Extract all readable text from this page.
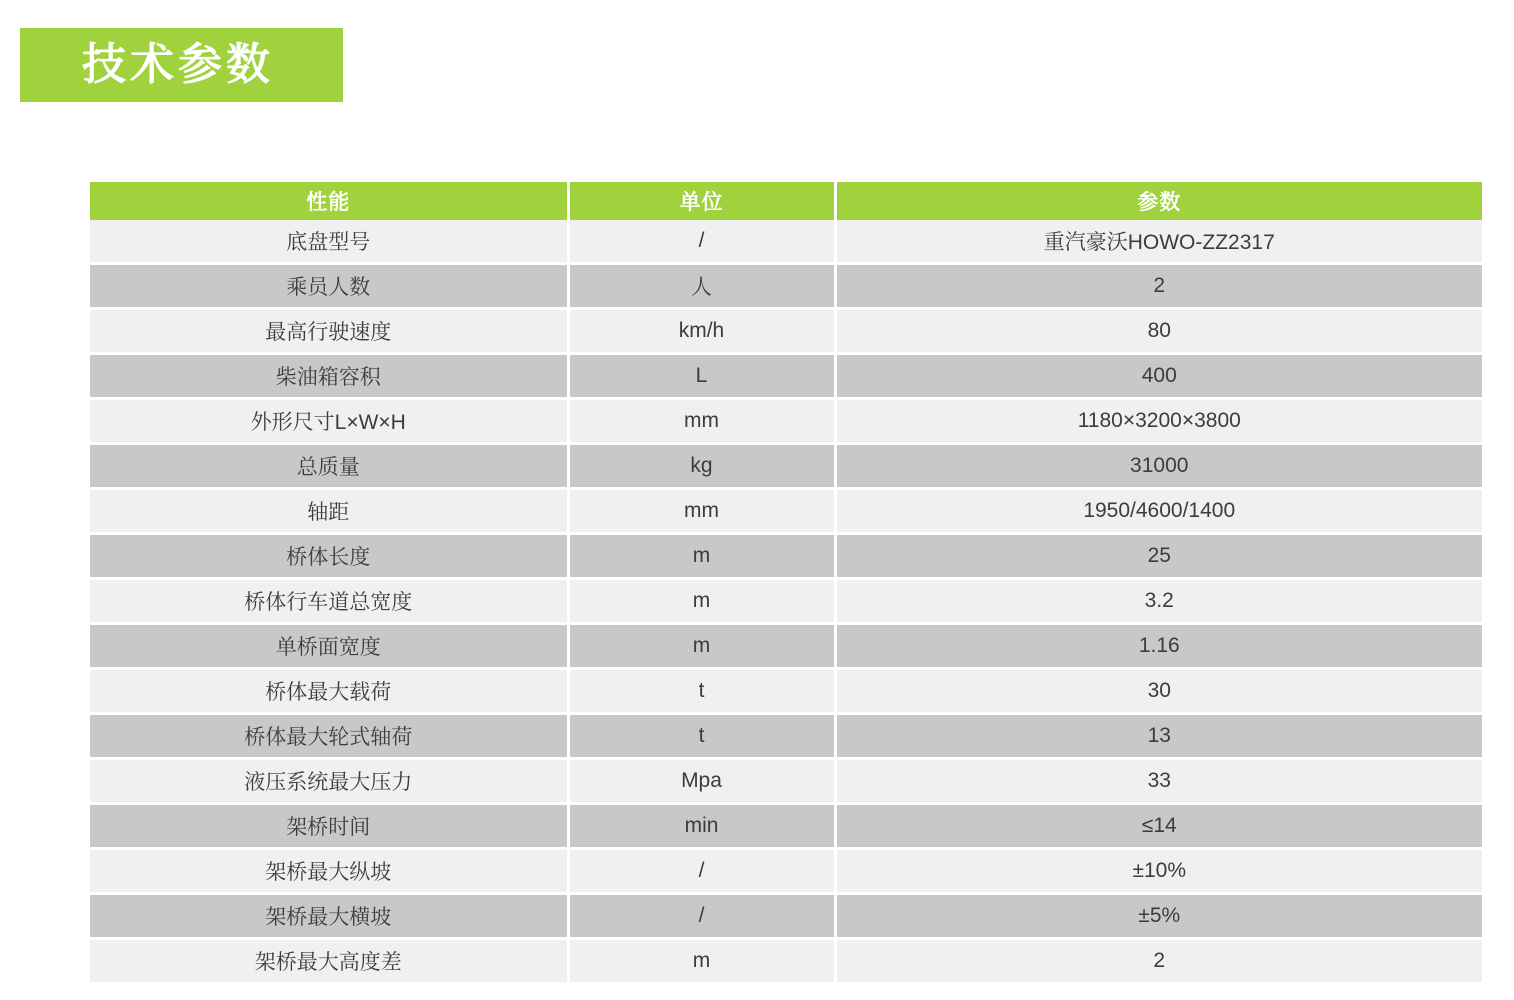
技术参数
性能	单位	参数
底盘型号	/	重汽豪沃HOWO-ZZ2317
乘员人数	人	2
最高行驶速度	km/h	80
柴油箱容积	L	400
外形尺寸L×W×H	mm	1180×3200×3800
总质量	kg	31000
轴距	mm	1950/4600/1400
桥体长度	m	25
桥体行车道总宽度	m	3.2
单桥面宽度	m	1.16
桥体最大载荷	t	30
桥体最大轮式轴荷	t	13
液压系统最大压力	Mpa	33
架桥时间	min	≤14
架桥最大纵坡	/	±10%
架桥最大横坡	/	±5%
架桥最大高度差	m	2
